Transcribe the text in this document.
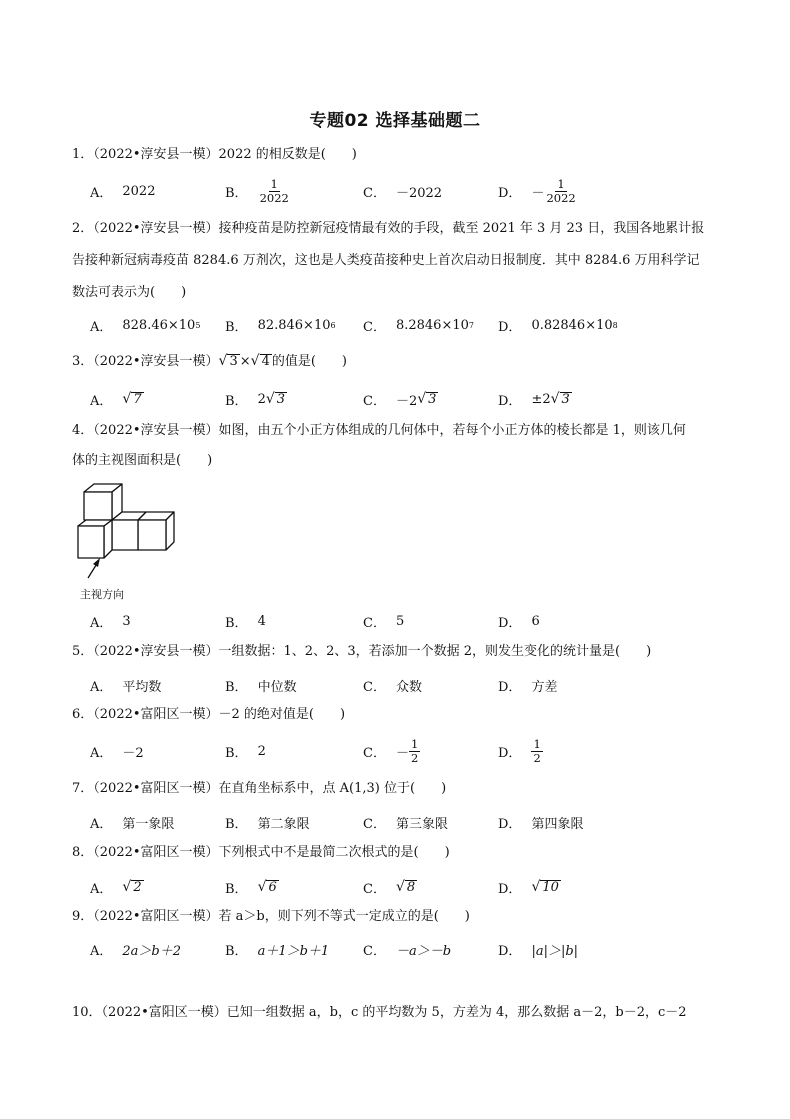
专题02 选择基础题二
1．（2022•淳安县一模）2022 的相反数是(　　)
A． 2022	B． $\frac{1}{2022}$	C． －2022	D． － $\frac{1}{2022}$
2．（2022•淳安县一模）接种疫苗是防控新冠疫情最有效的手段，截至 2021 年 3 月 23 日，我国各地累计报
告接种新冠病毒疫苗 8284.6 万剂次，这也是人类疫苗接种史上首次启动日报制度．其中 8284.6 万用科学记
数法可表示为(　　)
A． 828.46×10 5 B． 82.846×10 6 C． 8.2846×10 7 D． 0.82846×10 8
3．（2022•淳安县一模） √ 3 × √ 4 的值是(　　)
A． √ 7	B． 2 √ 3	C． －2 √ 3	D． ±2 √ 3
4．（2022•淳安县一模）如图，由五个小正方体组成的几何体中，若每个小正方体的棱长都是 1，则该几何
体的主视图面积是(　　)
主视方向
A． 3	B． 4	C． 5	D． 6
5．（2022•淳安县一模）一组数据：1、2、2、3，若添加一个数据 2，则发生变化的统计量是(　　)
A． 平均数	B． 中位数	C． 众数	D． 方差
6．（2022•富阳区一模）－2 的绝对值是(　　)
A． －2	B． 2	C． － $\frac{1}{2}$	D． $\frac{1}{2}$
7．（2022•富阳区一模）在直角坐标系中，点 A(1,3) 位于(　　)
A． 第一象限	B． 第二象限	C． 第三象限	D． 第四象限
8．（2022•富阳区一模）下列根式中不是最简二次根式的是(　　)
A． √ 2	B． √ 6	C． √ 8	D． √ 10
9．（2022•富阳区一模）若 a＞b，则下列不等式一定成立的是(　　)
A． 2a＞b＋2	B． a＋1＞b＋1	C． －a＞－b	D． |a|＞|b|
10．（2022•富阳区一模）已知一组数据 a，b，c 的平均数为 5，方差为 4，那么数据 a－2，b－2，c－2
